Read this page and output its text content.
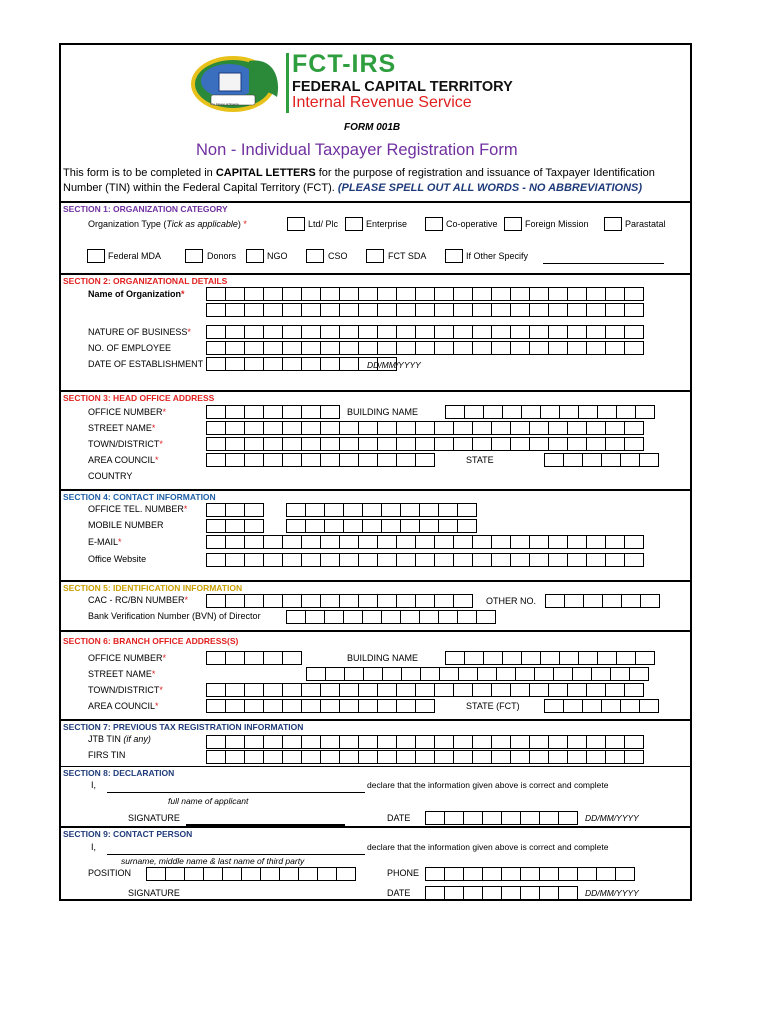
The Flower of Nigeria
FCT-IRS
FEDERAL CAPITAL TERRITORY
Internal Revenue Service
FORM 001B
Non - Individual Taxpayer Registration Form
This form is to be completed in CAPITAL LETTERS for the purpose of registration and issuance of Taxpayer Identification Number (TIN) within the Federal Capital Territory (FCT). (PLEASE SPELL OUT ALL WORDS - NO ABBREVIATIONS)
SECTION 1: ORGANIZATION CATEGORY
Organization Type (Tick as applicable) *	Ltd/ Plc	Enterprise	Co-operative	Foreign Mission	Parastatal
Federal MDA	Donors	NGO	CSO	FCT SDA	If Other Specify
SECTION 2: ORGANIZATIONAL DETAILS
Name of Organization*
NATURE OF BUSINESS*
NO. OF EMPLOYEE
DATE OF ESTABLISHMENT	DD/MM/YYYY
SECTION 3: HEAD OFFICE ADDRESS
OFFICE NUMBER*	BUILDING NAME
STREET NAME*
TOWN/DISTRICT*
AREA COUNCIL*	STATE
COUNTRY
SECTION 4: CONTACT INFORMATION
OFFICE TEL. NUMBER*
MOBILE NUMBER
E-MAIL*
Office Website
SECTION 5: IDENTIFICATION INFORMATION
CAC - RC/BN NUMBER*	OTHER NO.
Bank Verification Number (BVN) of Director
SECTION 6: BRANCH OFFICE ADDRESS(S)
OFFICE NUMBER*	BUILDING NAME
STREET NAME*
TOWN/DISTRICT*
AREA COUNCIL*	STATE (FCT)
SECTION 7: PREVIOUS TAX REGISTRATION INFORMATION
JTB TIN (if any)
FIRS TIN
SECTION 8: DECLARATION
I,	declare that the information given above is correct and complete
full name of applicant
SIGNATURE	DATE	DD/MM/YYYY
SECTION 9: CONTACT PERSON
I,	declare that the information given above is correct and complete
surname, middle name & last name of third party
POSITION	PHONE
SIGNATURE	DATE	DD/MM/YYYY
